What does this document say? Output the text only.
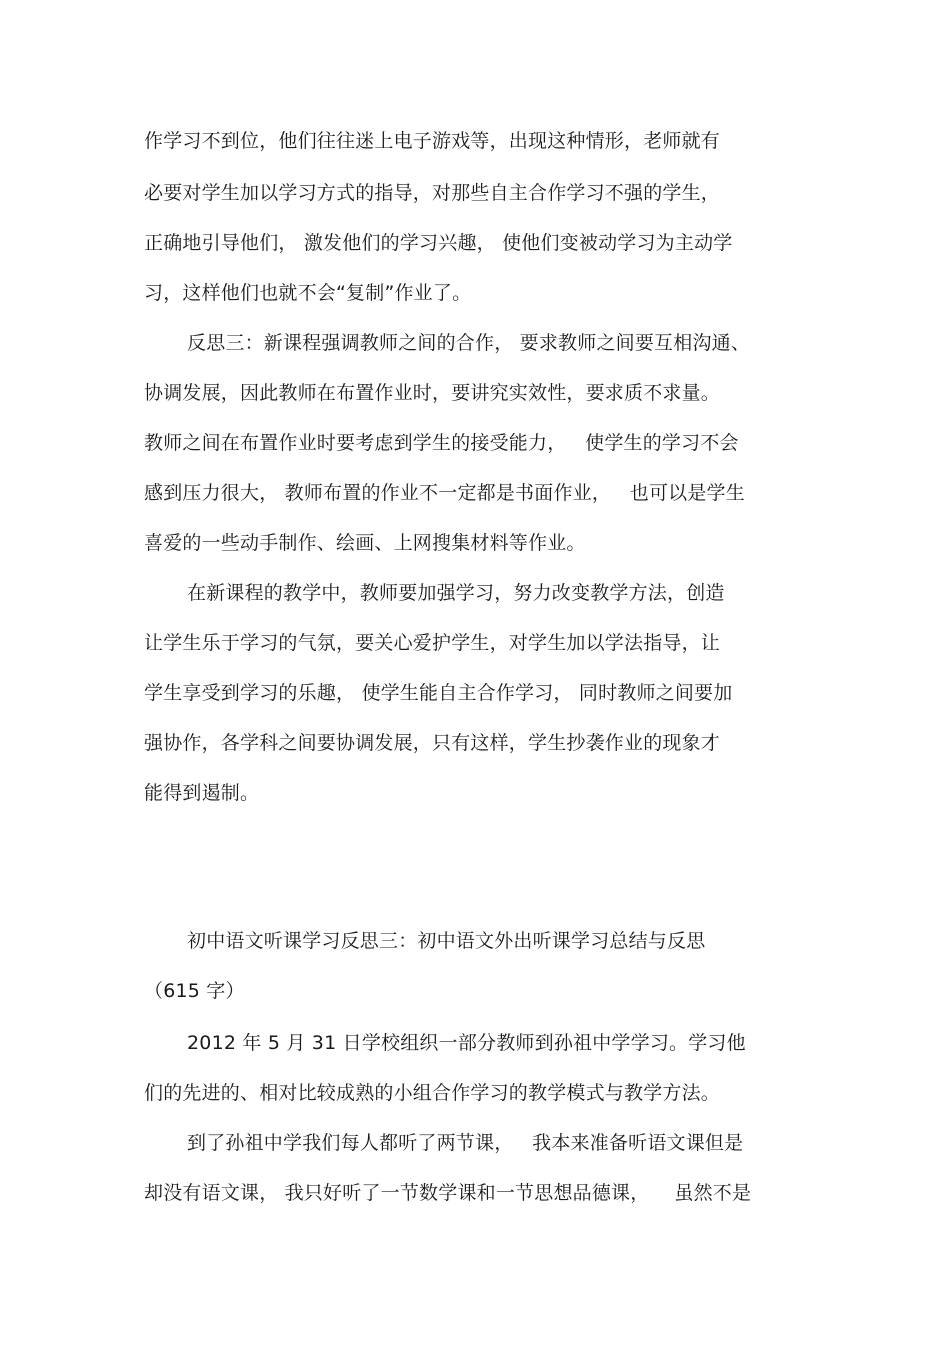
作学习不到位，他们往往迷上电子游戏等，出现这种情形，老师就有
必要对学生加以学习方式的指导，对那些自主合作学习不强的学生，
正确地引导他们， 激发他们的学习兴趣， 使他们变被动学习为主动学
习，这样他们也就不会“复制”作业了。
反思三：新课程强调教师之间的合作， 要求教师之间要互相沟通、
协调发展，因此教师在布置作业时，要讲究实效性，要求质不求量。
教师之间在布置作业时要考虑到学生的接受能力，   使学生的学习不会
感到压力很大， 教师布置的作业不一定都是书面作业，   也可以是学生
喜爱的一些动手制作、绘画、上网搜集材料等作业。
在新课程的教学中，教师要加强学习，努力改变教学方法，创造
让学生乐于学习的气氛，要关心爱护学生，对学生加以学法指导，让
学生享受到学习的乐趣， 使学生能自主合作学习， 同时教师之间要加
强协作，各学科之间要协调发展，只有这样，学生抄袭作业的现象才
能得到遏制。
初中语文听课学习反思三：初中语文外出听课学习总结与反思
（615 字）
2012 年 5 月 31 日学校组织一部分教师到孙祖中学学习。学习他
们的先进的、相对比较成熟的小组合作学习的教学模式与教学方法。
到了孙祖中学我们每人都听了两节课，   我本来准备听语文课但是
却没有语文课， 我只好听了一节数学课和一节思想品德课，    虽然不是
